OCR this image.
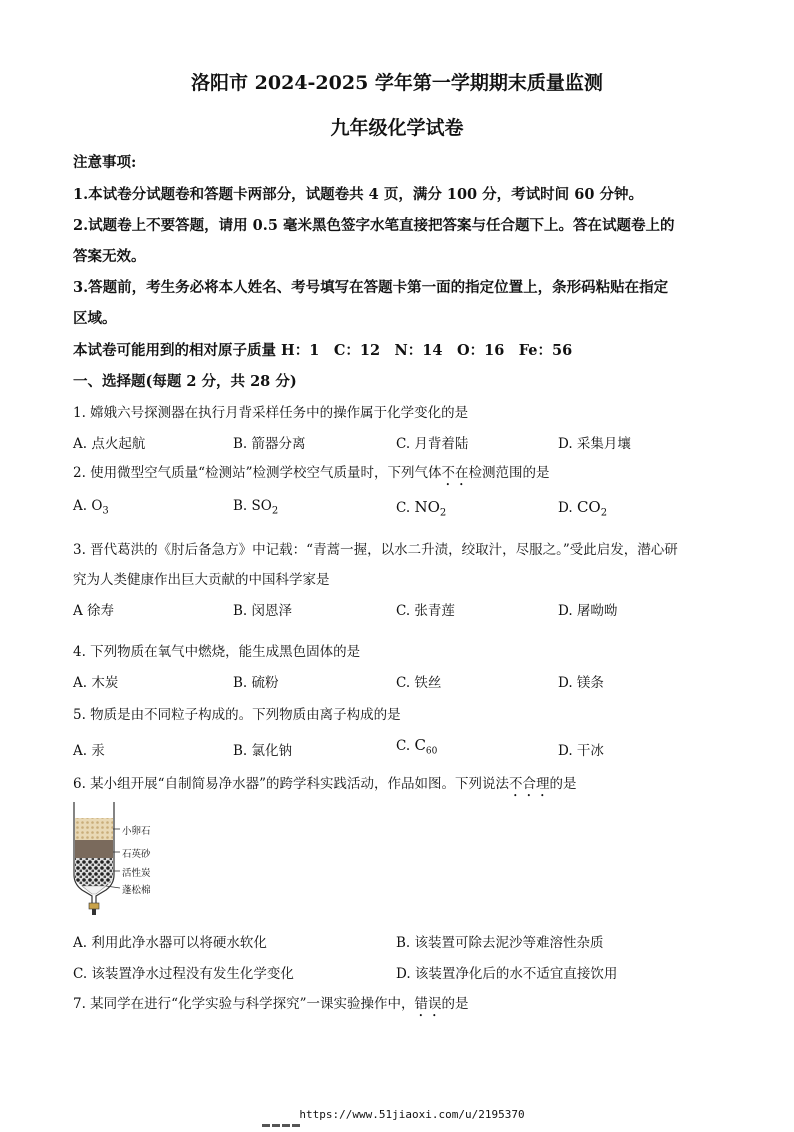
洛阳市 2024-2025 学年第一学期期末质量监测
九年级化学试卷
注意事项:
1.本试卷分试题卷和答题卡两部分，试题卷共 4 页，满分 100 分，考试时间 60 分钟。
2.试题卷上不要答题，请用 0.5 毫米黑色签字水笔直接把答案与任合题下上。答在试题卷上的
答案无效。
3.答题前，考生务必将本人姓名、考号填写在答题卡第一面的指定位置上，条形码粘贴在指定
区域。
本试卷可能用到的相对原子质量 H：1　C：12　N：14　O：16　Fe：56
一、选择题(每题 2 分，共 28 分)
1. 嫦娥六号探测器在执行月背采样任务中的操作属于化学变化的是
A. 点火起航	B. 箭器分离	C. 月背着陆	D. 采集月壤
2. 使用微型空气质量“检测站”检测学校空气质量时，下列气体不在检测范围的是
A. $O_3$	B. $SO_2$	C. $NO_2$	D. $CO_2$
3. 晋代葛洪的《肘后备急方》中记载：“青蒿一握，以水二升渍，绞取汁，尽服之。”受此启发，潜心研
究为人类健康作出巨大贡献的中国科学家是
A 徐寿	B. 闵恩泽	C. 张青莲	D. 屠呦呦
4. 下列物质在氧气中燃烧，能生成黑色固体的是
A. 木炭	B. 硫粉	C. 铁丝	D. 镁条
5. 物质是由不同粒子构成的。下列物质由离子构成的是
A. 汞	B. 氯化钠	C. $C_{60}$	D. 干冰
6. 某小组开展“自制简易净水器”的跨学科实践活动，作品如图。下列说法不合理的是
小卵石
石英砂
活性炭
蓬松棉
A. 利用此净水器可以将硬水软化	B. 该装置可除去泥沙等难溶性杂质
C. 该装置净水过程没有发生化学变化	D. 该装置净化后的水不适宜直接饮用
7. 某同学在进行“化学实验与科学探究”一课实验操作中，错误的是
https://www.51jiaoxi.com/u/2195370
